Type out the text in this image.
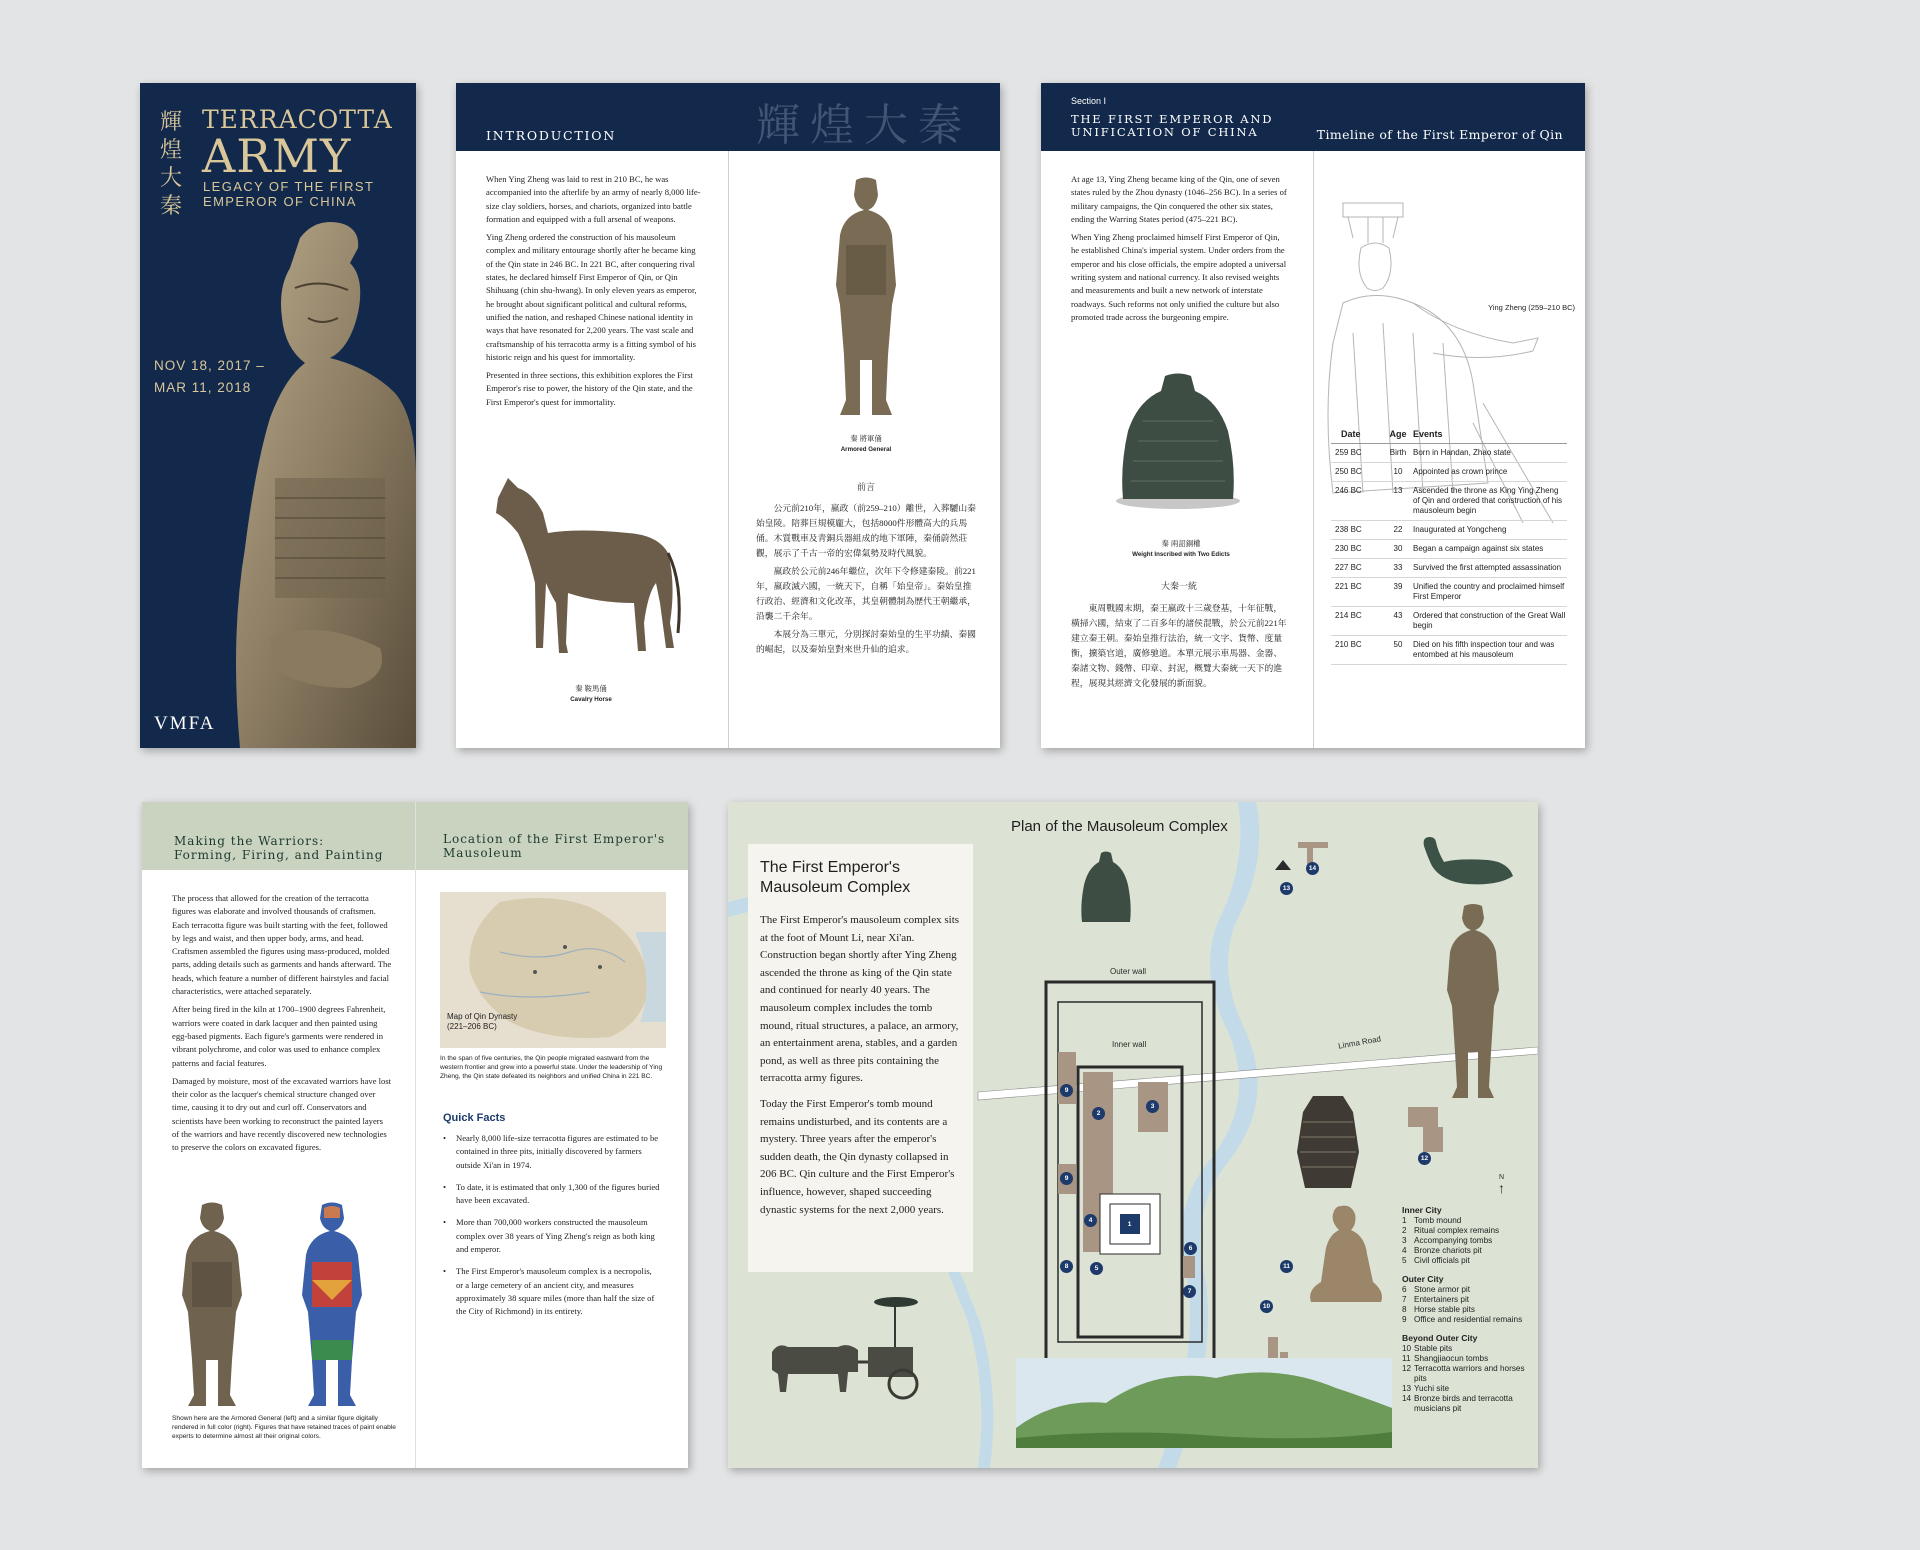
輝煌大秦
TERRACOTTA
ARMY
LEGACY OF THE FIRST EMPEROR OF CHINA
NOV 18, 2017 –
MAR 11, 2018
VMFA
INTRODUCTION	輝煌大秦

When Ying Zheng was laid to rest in 210 BC, he was accompanied into the afterlife by an army of nearly 8,000 life-size clay soldiers, horses, and chariots, organized into battle formation and equipped with a full arsenal of weapons.

Ying Zheng ordered the construction of his mausoleum complex and military entourage shortly after he became king of the Qin state in 246 BC. In 221 BC, after conquering rival states, he declared himself First Emperor of Qin, or Qin Shihuang (chin shu-hwang). In only eleven years as emperor, he brought about significant political and cultural reforms, unified the nation, and reshaped Chinese national identity in ways that have resonated for 2,200 years. The vast scale and craftsmanship of his terracotta army is a fitting symbol of his historic reign and his quest for immortality.

Presented in three sections, this exhibition explores the First Emperor's rise to power, the history of the Qin state, and the First Emperor's quest for immortality.

秦 鞍馬俑
Cavalry Horse
秦 將軍俑
Armored General
前言

公元前210年，嬴政（前259–210）離世，入葬驪山秦始皇陵。陪葬巨規模龐大，包括8000件形體高大的兵馬俑。木質戰車及青銅兵器組成的地下軍陣，秦俑蔚然莊觀，展示了千古一帝的宏偉氣勢及時代風貌。

嬴政於公元前246年繼位，次年下令修建秦陵。前221年，嬴政滅六國，一統天下，自稱「始皇帝」。秦始皇推行政治、經濟和文化改革，其皇朝體制為歷代王朝繼承，沿襲二千余年。

本展分為三單元，分別探討秦始皇的生平功績、秦國的崛起，以及秦始皇對來世升仙的追求。

Section I
THE FIRST EMPEROR AND
UNIFICATION OF CHINA	Timeline of the First Emperor of Qin

At age 13, Ying Zheng became king of the Qin, one of seven states ruled by the Zhou dynasty (1046–256 BC). In a series of military campaigns, the Qin conquered the other six states, ending the Warring States period (475–221 BC).

When Ying Zheng proclaimed himself First Emperor of Qin, he established China's imperial system. Under orders from the emperor and his close officials, the empire adopted a universal writing system and national currency. It also revised weights and measurements and built a new network of interstate roadways. Such reforms not only unified the culture but also promoted trade across the burgeoning empire.

秦 兩詔銅權
Weight Inscribed with Two Edicts
大秦一統

東周戰國末期，秦王嬴政十三歲登基，十年征戰，橫掃六國，結束了二百多年的諸侯混戰，於公元前221年建立秦王朝。秦始皇推行法治，統一文字、貨幣、度量衡，擴築官道，廣修驰道。本單元展示車馬器、金器、秦諸文物、錢幣、印章、封泥，概覽大秦統一天下的進程，展現其經濟文化發展的新面貌。

Ying Zheng (259–210 BC)
Date	Age	Events
259 BC	Birth	Born in Handan, Zhao state
250 BC	10	Appointed as crown prince
246 BC	13	Ascended the throne as King Ying Zheng of Qin and ordered that construction of his mausoleum begin
238 BC	22	Inaugurated at Yongcheng
230 BC	30	Began a campaign against six states
227 BC	33	Survived the first attempted assassination
221 BC	39	Unified the country and proclaimed himself First Emperor
214 BC	43	Ordered that construction of the Great Wall begin
210 BC	50	Died on his fifth inspection tour and was entombed at his mausoleum
Making the Warriors:
Forming, Firing, and Painting

The process that allowed for the creation of the terracotta figures was elaborate and involved thousands of craftsmen. Each terracotta figure was built starting with the feet, followed by legs and waist, and then upper body, arms, and head. Craftsmen assembled the figures using mass-produced, molded parts, adding details such as garments and hands afterward. The heads, which feature a number of different hairstyles and facial characteristics, were attached separately.

After being fired in the kiln at 1700–1900 degrees Fahrenheit, warriors were coated in dark lacquer and then painted using egg-based pigments. Each figure's garments were rendered in vibrant polychrome, and color was used to enhance complex patterns and facial features.

Damaged by moisture, most of the excavated warriors have lost their color as the lacquer's chemical structure changed over time, causing it to dry out and curl off. Conservators and scientists have been working to reconstruct the painted layers of the warriors and have recently discovered new technologies to preserve the colors on excavated figures.

Shown here are the Armored General (left) and a similar figure digitally rendered in full color (right). Figures that have retained traces of paint enable experts to determine almost all their original colors.
Location of the First Emperor's
Mausoleum
Map of Qin Dynasty
(221–206 BC)
In the span of five centuries, the Qin people migrated eastward from the western frontier and grew into a powerful state. Under the leadership of Ying Zheng, the Qin state defeated its neighbors and unified China in 221 BC.
Quick Facts
• Nearly 8,000 life-size terracotta figures are estimated to be contained in three pits, initially discovered by farmers outside Xi'an in 1974.
• To date, it is estimated that only 1,300 of the figures buried have been excavated.
• More than 700,000 workers constructed the mausoleum complex over 38 years of Ying Zheng's reign as both king and emperor.
• The First Emperor's mausoleum complex is a necropolis, or a large cemetery of an ancient city, and measures approximately 38 square miles (more than half the size of the City of Richmond) in its entirety.
Plan of the Mausoleum Complex
The First Emperor's
Mausoleum Complex

The First Emperor's mausoleum complex sits at the foot of Mount Li, near Xi'an. Construction began shortly after Ying Zheng ascended the throne as king of the Qin state and continued for nearly 40 years. The mausoleum complex includes the tomb mound, ritual structures, a palace, an armory, an entertainment arena, stables, and a garden pond, as well as three pits containing the terracotta army figures.

Today the First Emperor's tomb mound remains undisturbed, and its contents are a mystery. Three years after the emperor's sudden death, the Qin dynasty collapsed in 206 BC. Qin culture and the First Emperor's influence, however, shaped succeeding dynastic systems for the next 2,000 years.

Outer wall
Inner wall	Linma Road
N
↑
1
2
3
4
5
6
7
8
9
9
10
11
12
13
14
Inner City
1 Tomb mound
2 Ritual complex remains
3 Accompanying tombs
4 Bronze chariots pit
5 Civil officials pit
Outer City
6 Stone armor pit
7 Entertainers pit
8 Horse stable pits
9 Office and residential remains
Beyond Outer City
10 Stable pits
11 Shangjiaocun tombs
12 Terracotta warriors and horses pits
13 Yuchi site
14 Bronze birds and terracotta musicians pit
